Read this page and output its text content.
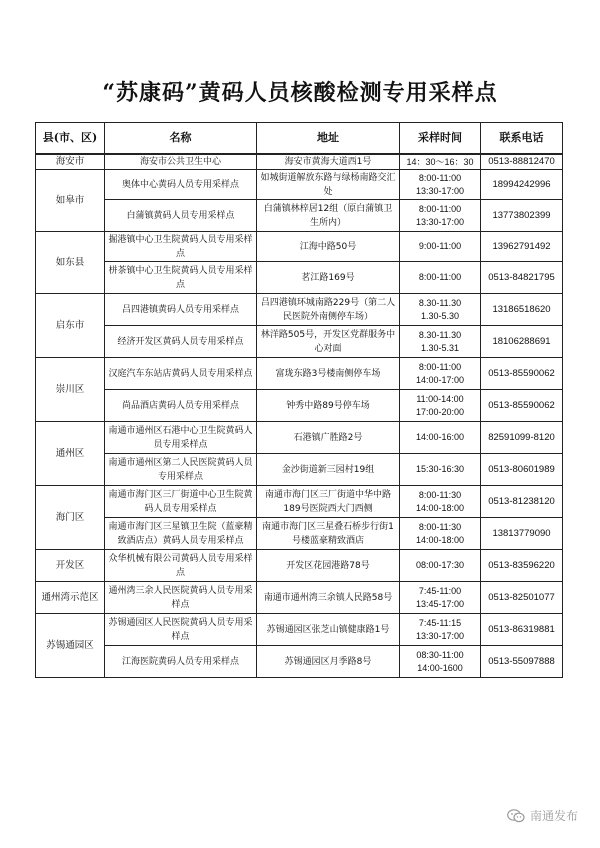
“苏康码”黄码人员核酸检测专用采样点
县(市、区)	名称	地址	采样时间	联系电话
海安市	海安市公共卫生中心	海安市黄海大道西1号	14：30～16：30	0513-88812470
如皋市	奥体中心黄码人员专用采样点	如城街道解放东路与绿杨南路交汇处	8:00-11:00
13:30-17:00	18994242996
	白蒲镇黄码人员专用采样点	白蒲镇林梓居12组（原白蒲镇卫生所内）	8:00-11:00
13:30-17:00	13773802399
如东县	掘港镇中心卫生院黄码人员专用采样点	江海中路50号	9:00-11:00	13962791492
	栟茶镇中心卫生院黄码人员专用采样点	茗江路169号	8:00-11:00	0513-84821795
启东市	吕四港镇黄码人员专用采样点	吕四港镇环城南路229号（第二人民医院外南侧停车场）	8.30-11.30
1.30-5.30	13186518620
	经济开发区黄码人员专用采样点	林洋路505号，开发区党群服务中心对面	8.30-11.30
1.30-5.31	18106288691
崇川区	汉庭汽车东站店黄码人员专用采样点	富珑东路3号楼南侧停车场	8:00-11:00
14:00-17:00	0513-85590062
	尚品酒店黄码人员专用采样点	钟秀中路89号停车场	11:00-14:00
17:00-20:00	0513-85590062
通州区	南通市通州区石港中心卫生院黄码人员专用采样点	石港镇广胜路2号	14:00-16:00	82591099-8120
	南通市通州区第二人民医院黄码人员专用采样点	金沙街道新三园村19组	15:30-16:30	0513-80601989
海门区	南通市海门区三厂街道中心卫生院黄码人员专用采样点	南通市海门区三厂街道中华中路189号医院西大门西侧	8:00-11:30
14:00-18:00	0513-81238120
	南通市海门区三星镇卫生院（蓝豪精致酒店点）黄码人员专用采样点	南通市海门区三星叠石桥步行街1号楼蓝豪精致酒店	8:00-11:30
14:00-18:00	13813779090
开发区	众华机械有限公司黄码人员专用采样点	开发区花园港路78号	08:00-17:30	0513-83596220
通州湾示范区	通州湾三余人民医院黄码人员专用采样点	南通市通州湾三余镇人民路58号	7:45-11:00
13:45-17:00	0513-82501077
苏锡通园区	苏锡通园区人民医院黄码人员专用采样点	苏锡通园区张芝山镇健康路1号	7:45-11:15
13:30-17:00	0513-86319881
	江海医院黄码人员专用采样点	苏锡通园区月季路8号	08:30-11:00
14:00-1600	0513-55097888
南通发布
